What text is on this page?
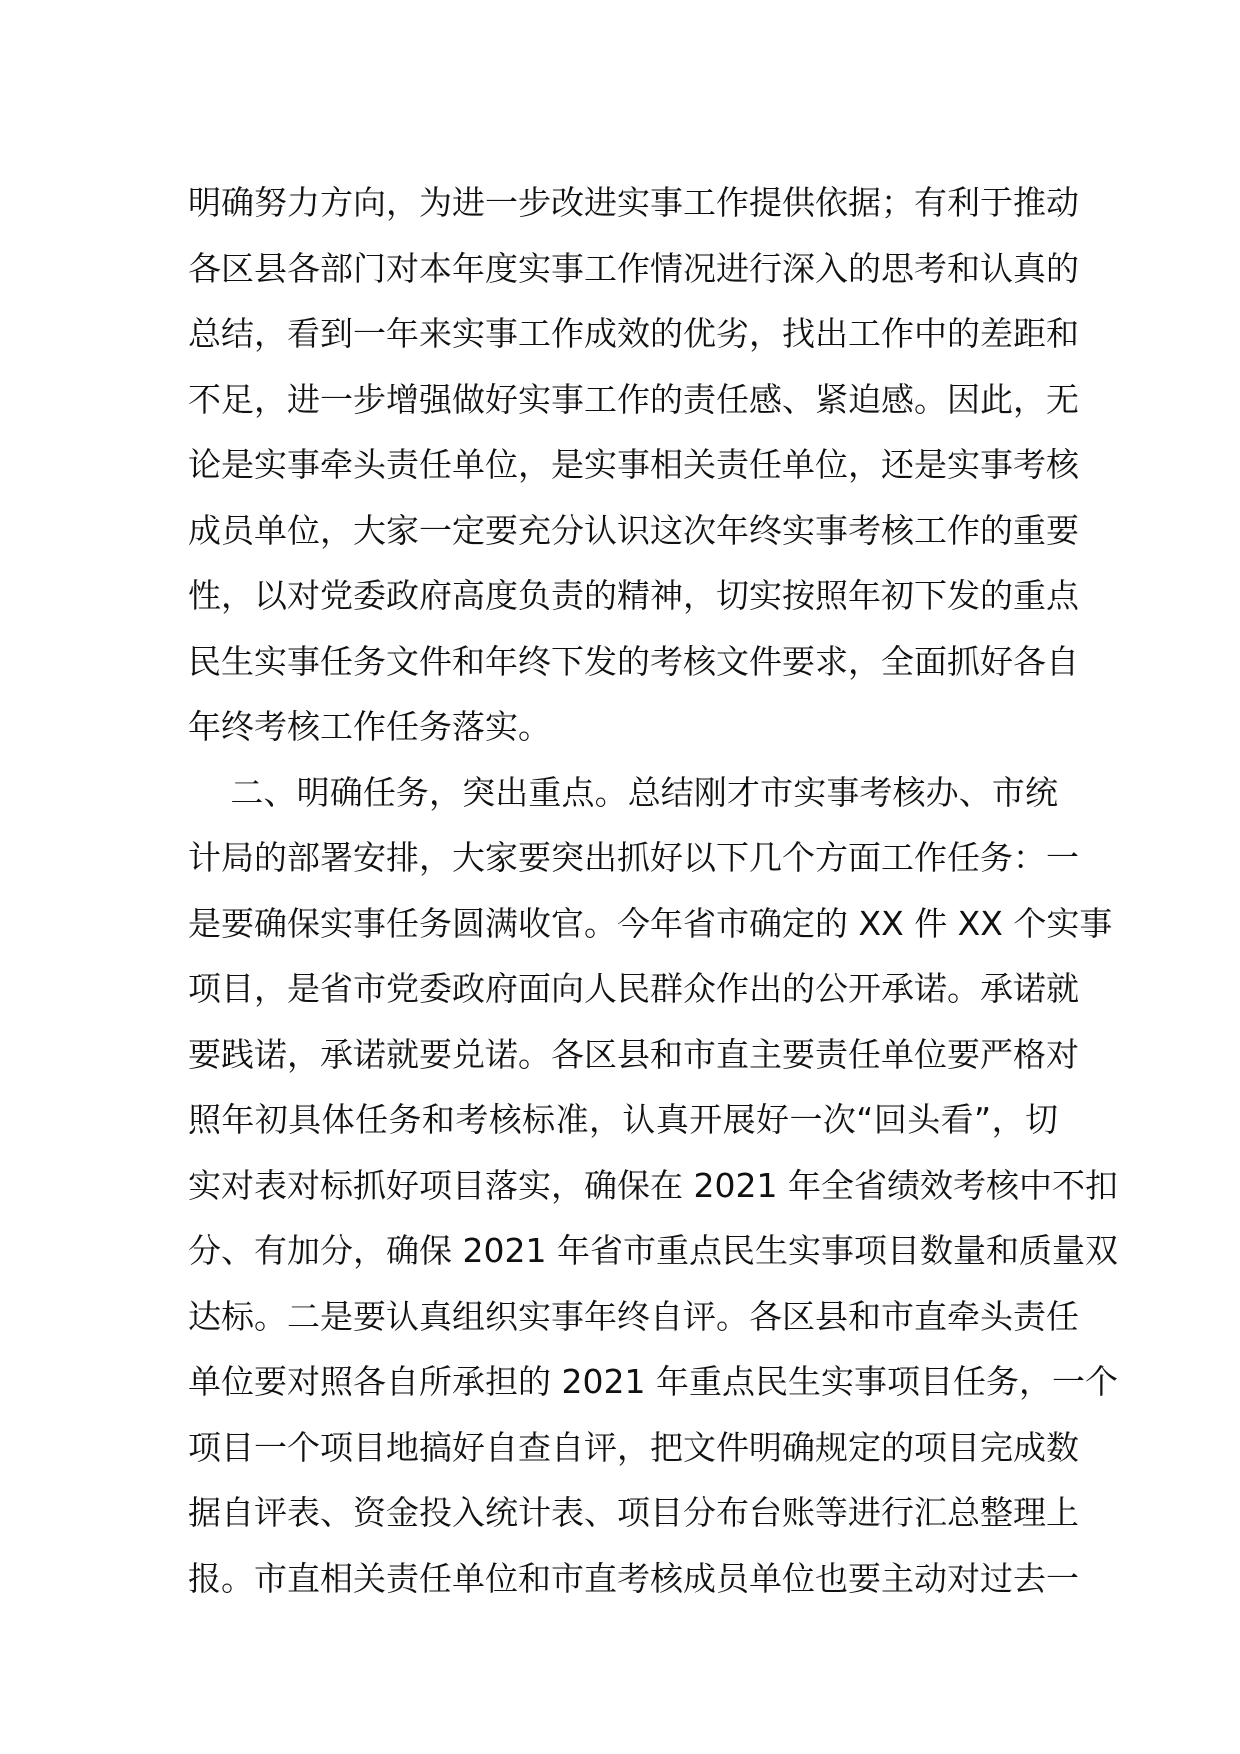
明确努力方向，为进一步改进实事工作提供依据；有利于推动
各区县各部门对本年度实事工作情况进行深入的思考和认真的
总结，看到一年来实事工作成效的优劣，找出工作中的差距和
不足，进一步增强做好实事工作的责任感、紧迫感。因此，无
论是实事牵头责任单位，是实事相关责任单位，还是实事考核
成员单位，大家一定要充分认识这次年终实事考核工作的重要
性，以对党委政府高度负责的精神，切实按照年初下发的重点
民生实事任务文件和年终下发的考核文件要求，全面抓好各自
年终考核工作任务落实。
二、明确任务，突出重点。总结刚才市实事考核办、市统
计局的部署安排，大家要突出抓好以下几个方面工作任务：一
是要确保实事任务圆满收官。今年省市确定的 XX 件 XX 个实事
项目，是省市党委政府面向人民群众作出的公开承诺。承诺就
要践诺，承诺就要兑诺。各区县和市直主要责任单位要严格对
照年初具体任务和考核标准，认真开展好一次“回头看”，切
实对表对标抓好项目落实，确保在 2021 年全省绩效考核中不扣
分、有加分，确保 2021 年省市重点民生实事项目数量和质量双
达标。二是要认真组织实事年终自评。各区县和市直牵头责任
单位要对照各自所承担的 2021 年重点民生实事项目任务，一个
项目一个项目地搞好自查自评，把文件明确规定的项目完成数
据自评表、资金投入统计表、项目分布台账等进行汇总整理上
报。市直相关责任单位和市直考核成员单位也要主动对过去一
